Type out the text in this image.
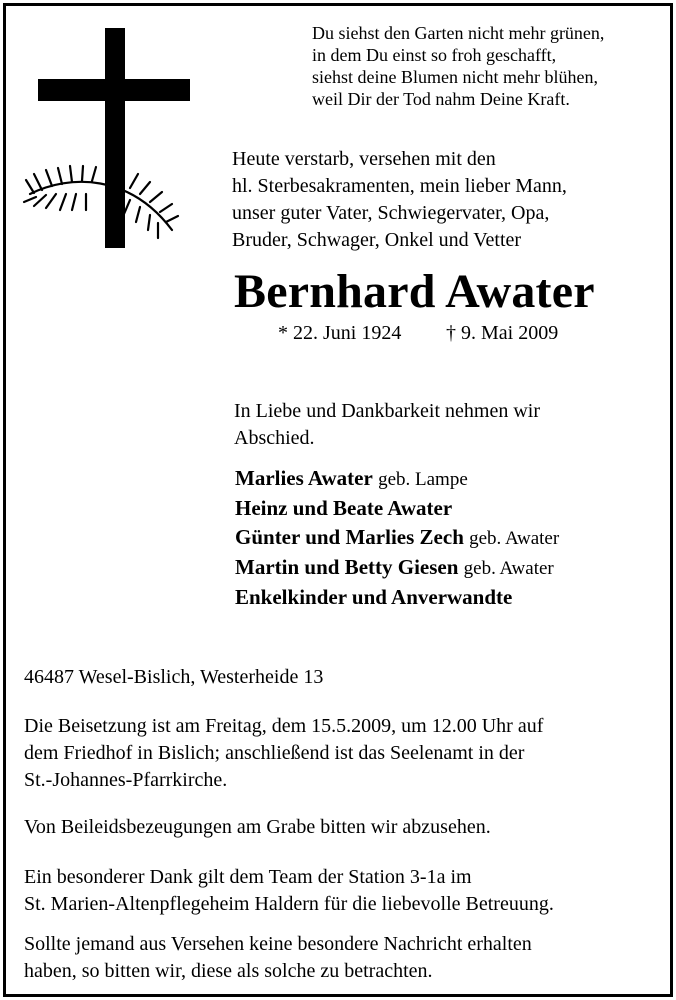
Du siehst den Garten nicht mehr grünen,
in dem Du einst so froh geschafft,
siehst deine Blumen nicht mehr blühen,
weil Dir der Tod nahm Deine Kraft.
Heute verstarb, versehen mit den
hl. Sterbesakramenten, mein lieber Mann,
unser guter Vater, Schwiegervater, Opa,
Bruder, Schwager, Onkel und Vetter
Bernhard Awater
* 22. Juni 1924 † 9. Mai 2009
In Liebe und Dankbarkeit nehmen wir
Abschied.
Marlies Awater geb. Lampe
Heinz und Beate Awater
Günter und Marlies Zech geb. Awater
Martin und Betty Giesen geb. Awater
Enkelkinder und Anverwandte
46487 Wesel-Bislich, Westerheide 13
Die Beisetzung ist am Freitag, dem 15.5.2009, um 12.00 Uhr auf
dem Friedhof in Bislich; anschließend ist das Seelenamt in der
St.-Johannes-Pfarrkirche.
Von Beileidsbezeugungen am Grabe bitten wir abzusehen.
Ein besonderer Dank gilt dem Team der Station 3-1a im
St. Marien-Altenpflegeheim Haldern für die liebevolle Betreuung.
Sollte jemand aus Versehen keine besondere Nachricht erhalten
haben, so bitten wir, diese als solche zu betrachten.
